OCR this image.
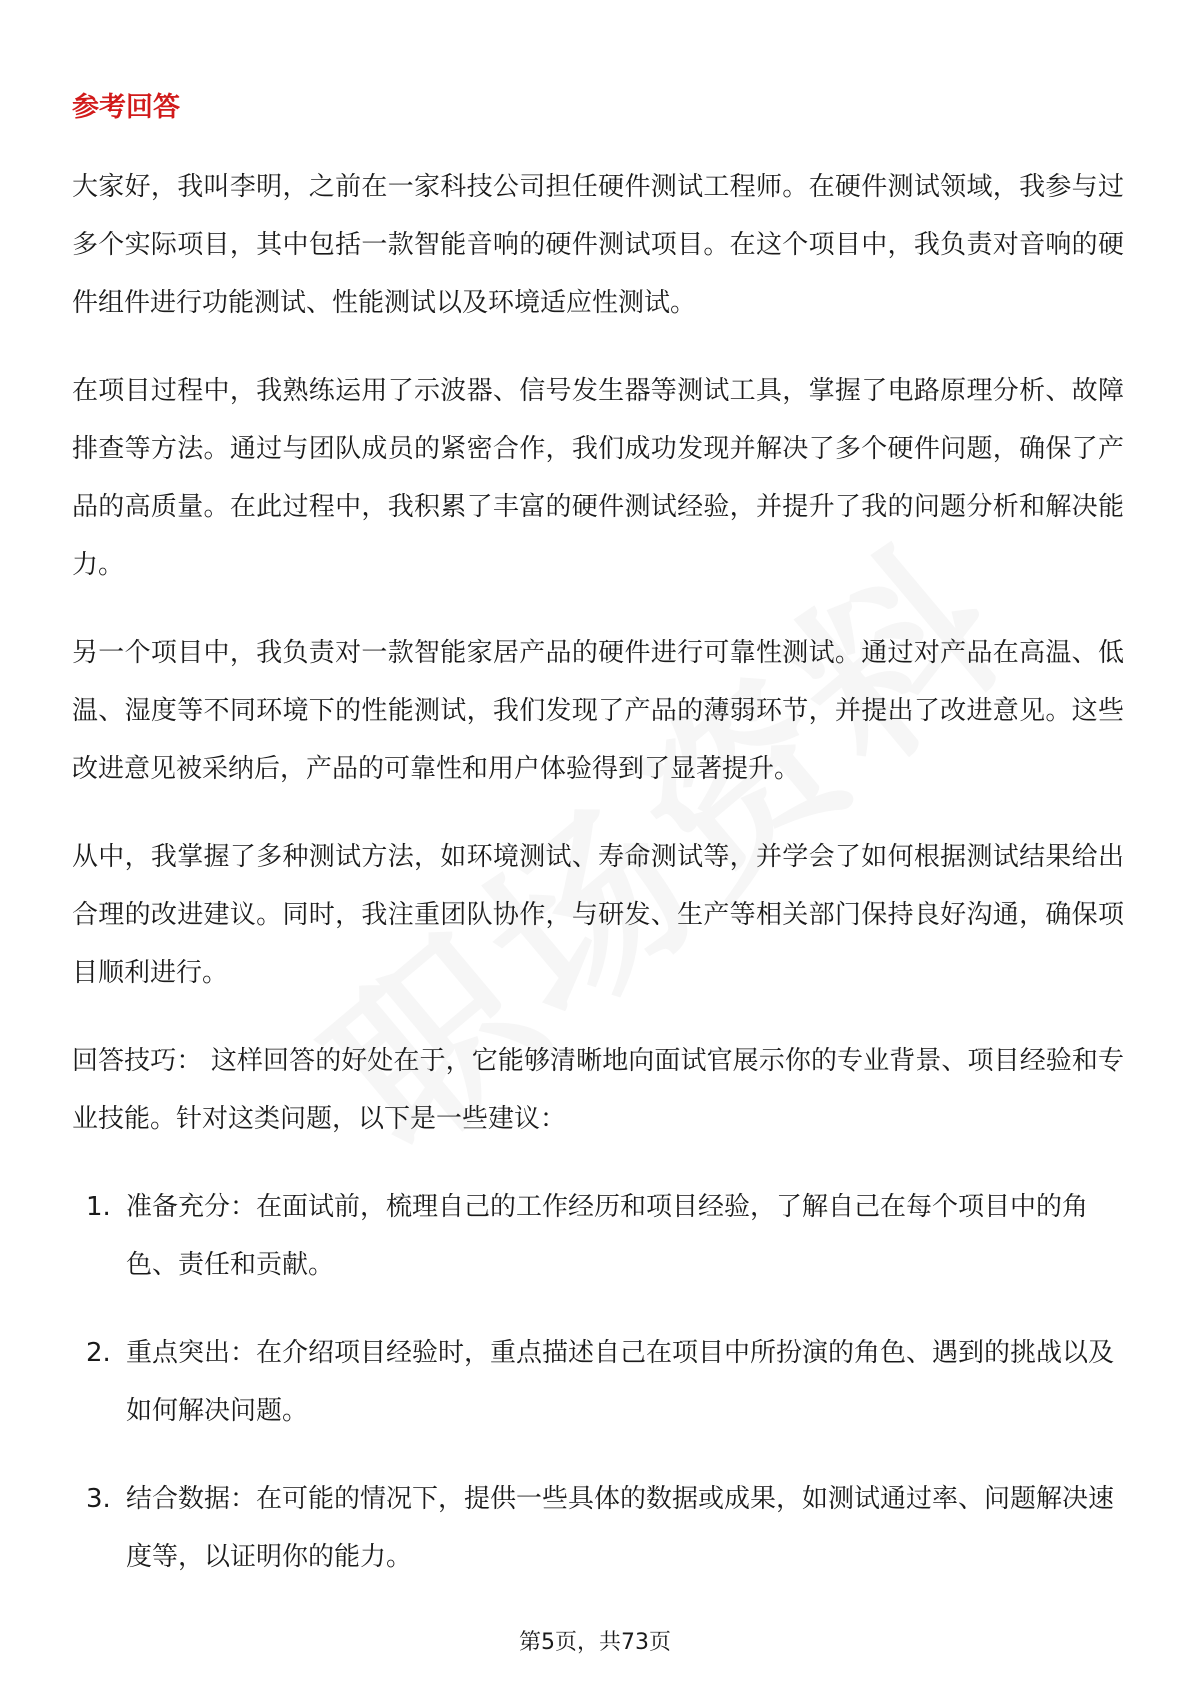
参考回答

大家好，我叫李明，之前在一家科技公司担任硬件测试工程师。在硬件测试领域，我参与过多个实际项目，其中包括一款智能音响的硬件测试项目。在这个项目中，我负责对音响的硬件组件进行功能测试、性能测试以及环境适应性测试。

在项目过程中，我熟练运用了示波器、信号发生器等测试工具，掌握了电路原理分析、故障排查等方法。通过与团队成员的紧密合作，我们成功发现并解决了多个硬件问题，确保了产品的高质量。在此过程中，我积累了丰富的硬件测试经验，并提升了我的问题分析和解决能力。

另一个项目中，我负责对一款智能家居产品的硬件进行可靠性测试。通过对产品在高温、低温、湿度等不同环境下的性能测试，我们发现了产品的薄弱环节，并提出了改进意见。这些改进意见被采纳后，产品的可靠性和用户体验得到了显著提升。

从中，我掌握了多种测试方法，如环境测试、寿命测试等，并学会了如何根据测试结果给出合理的改进建议。同时，我注重团队协作，与研发、生产等相关部门保持良好沟通，确保项目顺利进行。

回答技巧： 这样回答的好处在于，它能够清晰地向面试官展示你的专业背景、项目经验和专业技能。针对这类问题，以下是一些建议：

1. 准备充分：在面试前，梳理自己的工作经历和项目经验，了解自己在每个项目中的角色、责任和贡献。
2. 重点突出：在介绍项目经验时，重点描述自己在项目中所扮演的角色、遇到的挑战以及如何解决问题。
3. 结合数据：在可能的情况下，提供一些具体的数据或成果，如测试通过率、问题解决速度等，以证明你的能力。
第5页，共73页
